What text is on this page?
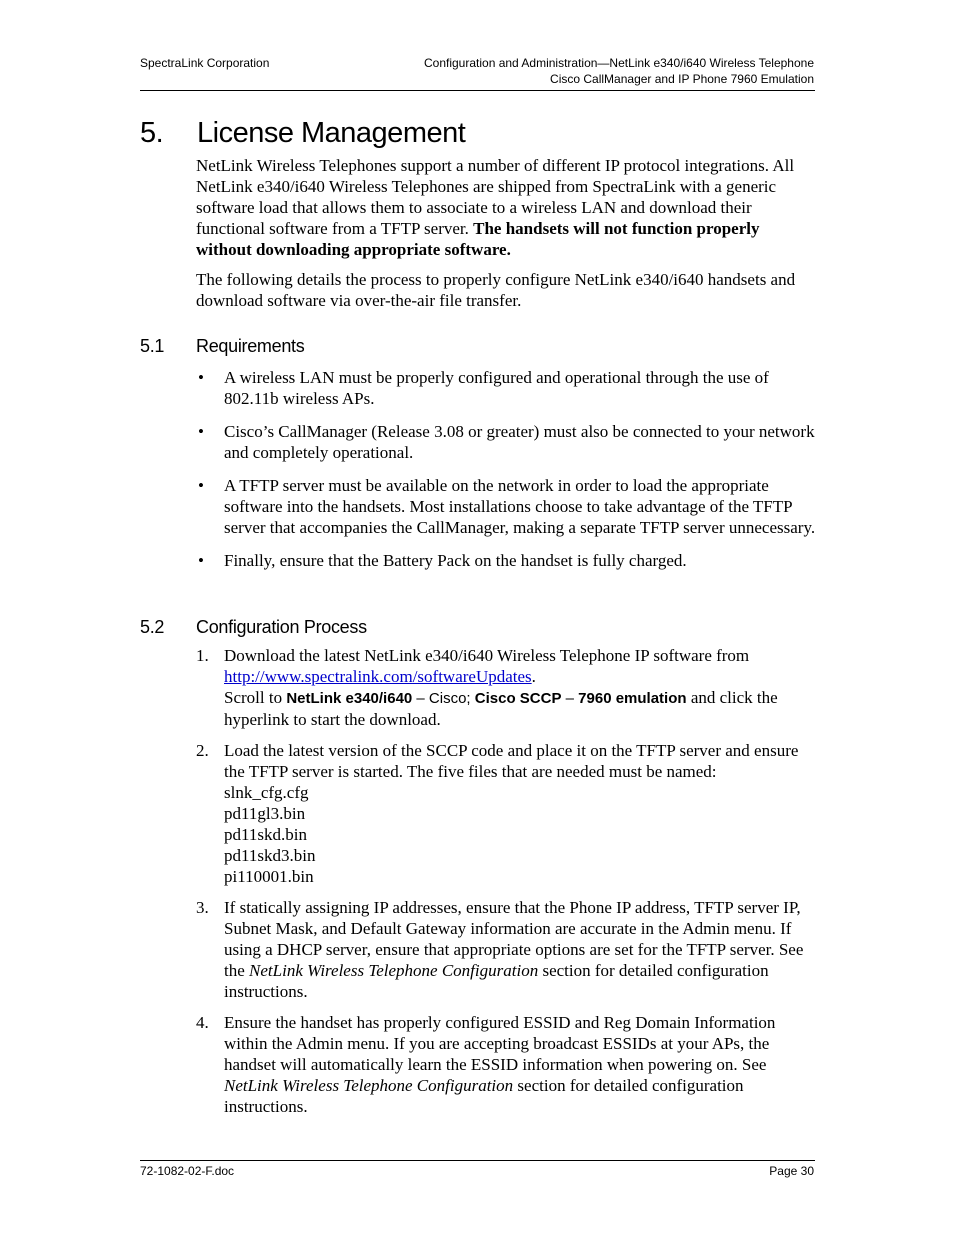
SpectraLink Corporation	Configuration and Administration—NetLink e340/i640 Wireless Telephone
Cisco CallManager and IP Phone 7960 Emulation
5. License Management

NetLink Wireless Telephones support a number of different IP protocol integrations. All NetLink e340/i640 Wireless Telephones are shipped from SpectraLink with a generic software load that allows them to associate to a wireless LAN and download their functional software from a TFTP server. The handsets will not function properly without downloading appropriate software.

The following details the process to properly configure NetLink e340/i640 handsets and download software via over-the-air file transfer.

5.1 Requirements
• A wireless LAN must be properly configured and operational through the use of 802.11b wireless APs.
• Cisco’s CallManager (Release 3.08 or greater) must also be connected to your network and completely operational.
• A TFTP server must be available on the network in order to load the appropriate software into the handsets. Most installations choose to take advantage of the TFTP server that accompanies the CallManager, making a separate TFTP server unnecessary.
• Finally, ensure that the Battery Pack on the handset is fully charged.
5.2 Configuration Process
1. Download the latest NetLink e340/i640 Wireless Telephone IP software from http://www.spectralink.com/softwareUpdates.
Scroll to NetLink e340/i640 – Cisco; Cisco SCCP – 7960 emulation and click the hyperlink to start the download.
2. Load the latest version of the SCCP code and place it on the TFTP server and ensure the TFTP server is started. The five files that are needed must be named:
slnk_cfg.cfg
pd11gl3.bin
pd11skd.bin
pd11skd3.bin
pi110001.bin
3. If statically assigning IP addresses, ensure that the Phone IP address, TFTP server IP, Subnet Mask, and Default Gateway information are accurate in the Admin menu. If using a DHCP server, ensure that appropriate options are set for the TFTP server. See the NetLink Wireless Telephone Configuration section for detailed configuration instructions.
4. Ensure the handset has properly configured ESSID and Reg Domain Information within the Admin menu. If you are accepting broadcast ESSIDs at your APs, the handset will automatically learn the ESSID information when powering on. See NetLink Wireless Telephone Configuration section for detailed configuration instructions.
72-1082-02-F.doc	Page 30
